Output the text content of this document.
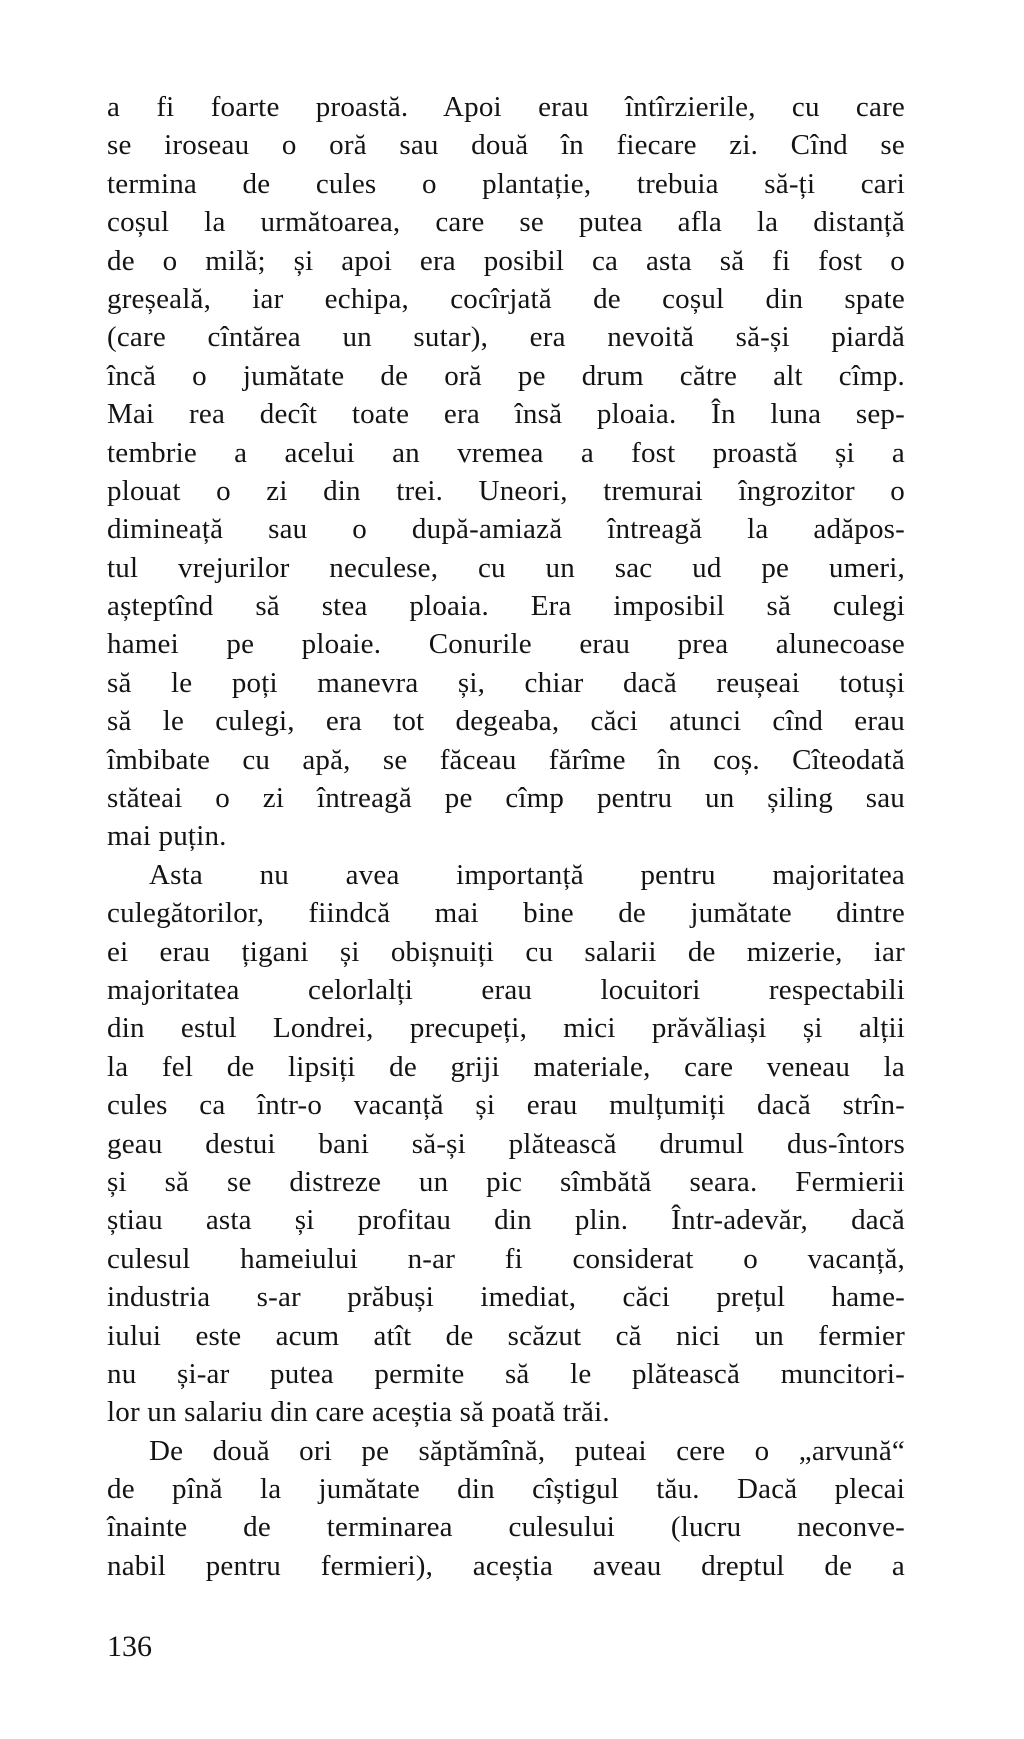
a fi foarte proastă. Apoi erau întîrzierile, cu care
se iroseau o oră sau două în fiecare zi. Cînd se
termina de cules o plantație, trebuia să-ți cari
coșul la următoarea, care se putea afla la distanță
de o milă; și apoi era posibil ca asta să fi fost o
greșeală, iar echipa, cocîrjată de coșul din spate
(care cîntărea un sutar), era nevoită să-și piardă
încă o jumătate de oră pe drum către alt cîmp.
Mai rea decît toate era însă ploaia. În luna sep-
tembrie a acelui an vremea a fost proastă și a
plouat o zi din trei. Uneori, tremurai îngrozitor o
dimineață sau o după-amiază întreagă la adăpos-
tul vrejurilor neculese, cu un sac ud pe umeri,
așteptînd să stea ploaia. Era imposibil să culegi
hamei pe ploaie. Conurile erau prea alunecoase
să le poți manevra și, chiar dacă reușeai totuși
să le culegi, era tot degeaba, căci atunci cînd erau
îmbibate cu apă, se făceau fărîme în coș. Cîteodată
stăteai o zi întreagă pe cîmp pentru un șiling sau
mai puțin.
Asta nu avea importanță pentru majoritatea
culegătorilor, fiindcă mai bine de jumătate dintre
ei erau țigani și obișnuiți cu salarii de mizerie, iar
majoritatea celorlalți erau locuitori respectabili
din estul Londrei, precupeți, mici prăvăliași și alții
la fel de lipsiți de griji materiale, care veneau la
cules ca într-o vacanță și erau mulțumiți dacă strîn-
geau destui bani să-și plătească drumul dus-întors
și să se distreze un pic sîmbătă seara. Fermierii
știau asta și profitau din plin. Într-adevăr, dacă
culesul hameiului n-ar fi considerat o vacanță,
industria s-ar prăbuși imediat, căci prețul hame-
iului este acum atît de scăzut că nici un fermier
nu și-ar putea permite să le plătească muncitori-
lor un salariu din care aceștia să poată trăi.
De două ori pe săptămînă, puteai cere o „arvună“
de pînă la jumătate din cîștigul tău. Dacă plecai
înainte de terminarea culesului (lucru neconve-
nabil pentru fermieri), aceștia aveau dreptul de a
136
